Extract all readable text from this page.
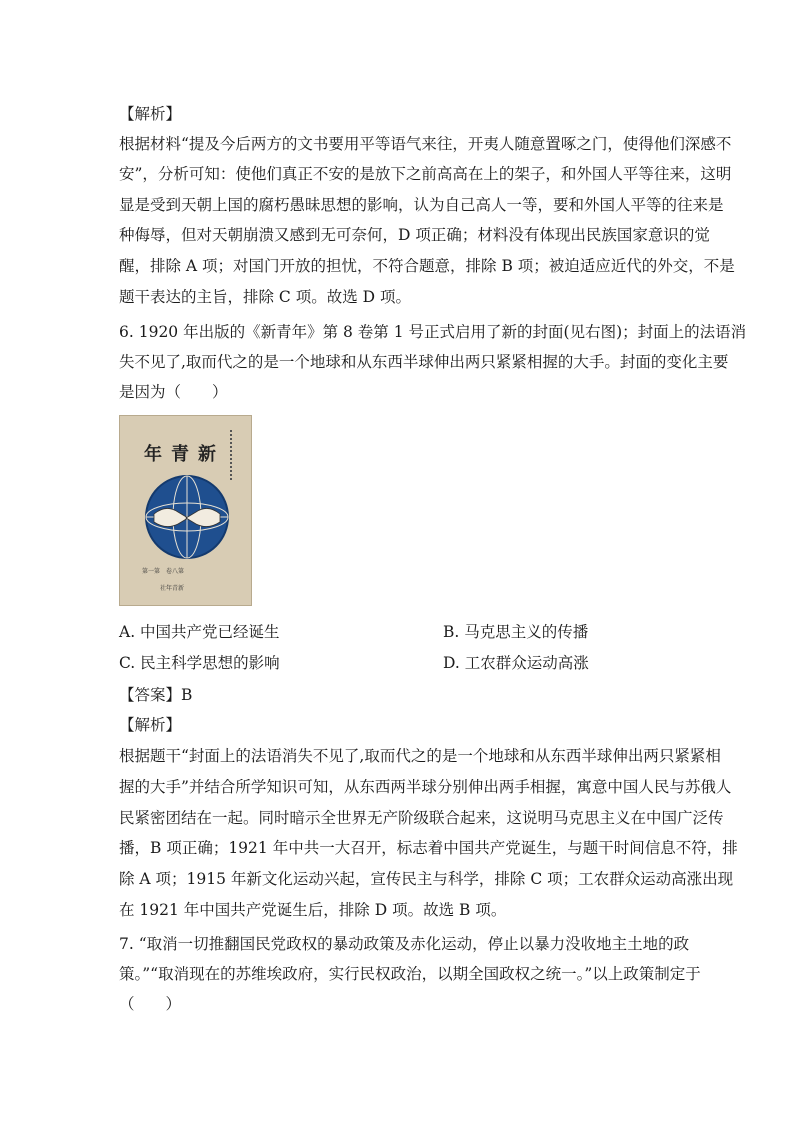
【解析】
根据材料“提及今后两方的文书要用平等语气来往，开夷人随意置啄之门，使得他们深感不
安”，分析可知：使他们真正不安的是放下之前高高在上的架子，和外国人平等往来，这明
显是受到天朝上国的腐朽愚昧思想的影响，认为自己高人一等，要和外国人平等的往来是
种侮辱，但对天朝崩溃又感到无可奈何，D 项正确；材料没有体现出民族国家意识的觉
醒，排除 A 项；对国门开放的担忧，不符合题意，排除 B 项；被迫适应近代的外交，不是
题干表达的主旨，排除 C 项。故选 D 项。
6. 1920 年出版的《新青年》第 8 卷第 1 号正式启用了新的封面(见右图)；封面上的法语消
失不见了,取而代之的是一个地球和从东西半球伸出两只紧紧相握的大手。封面的变化主要
是因为（　　）
年青新
第一第　卷八第
社年青新
A. 中国共产党已经诞生	B. 马克思主义的传播
C. 民主科学思想的影响	D. 工农群众运动高涨
【答案】B
【解析】
根据题干“封面上的法语消失不见了,取而代之的是一个地球和从东西半球伸出两只紧紧相
握的大手”并结合所学知识可知，从东西两半球分别伸出两手相握，寓意中国人民与苏俄人
民紧密团结在一起。同时暗示全世界无产阶级联合起来，这说明马克思主义在中国广泛传
播，B 项正确；1921 年中共一大召开，标志着中国共产党诞生，与题干时间信息不符，排
除 A 项；1915 年新文化运动兴起，宣传民主与科学，排除 C 项；工农群众运动高涨出现
在 1921 年中国共产党诞生后，排除 D 项。故选 B 项。
7. “取消一切推翻国民党政权的暴动政策及赤化运动，停止以暴力没收地主土地的政
策。”“取消现在的苏维埃政府，实行民权政治，以期全国政权之统一。”以上政策制定于
（　　）
